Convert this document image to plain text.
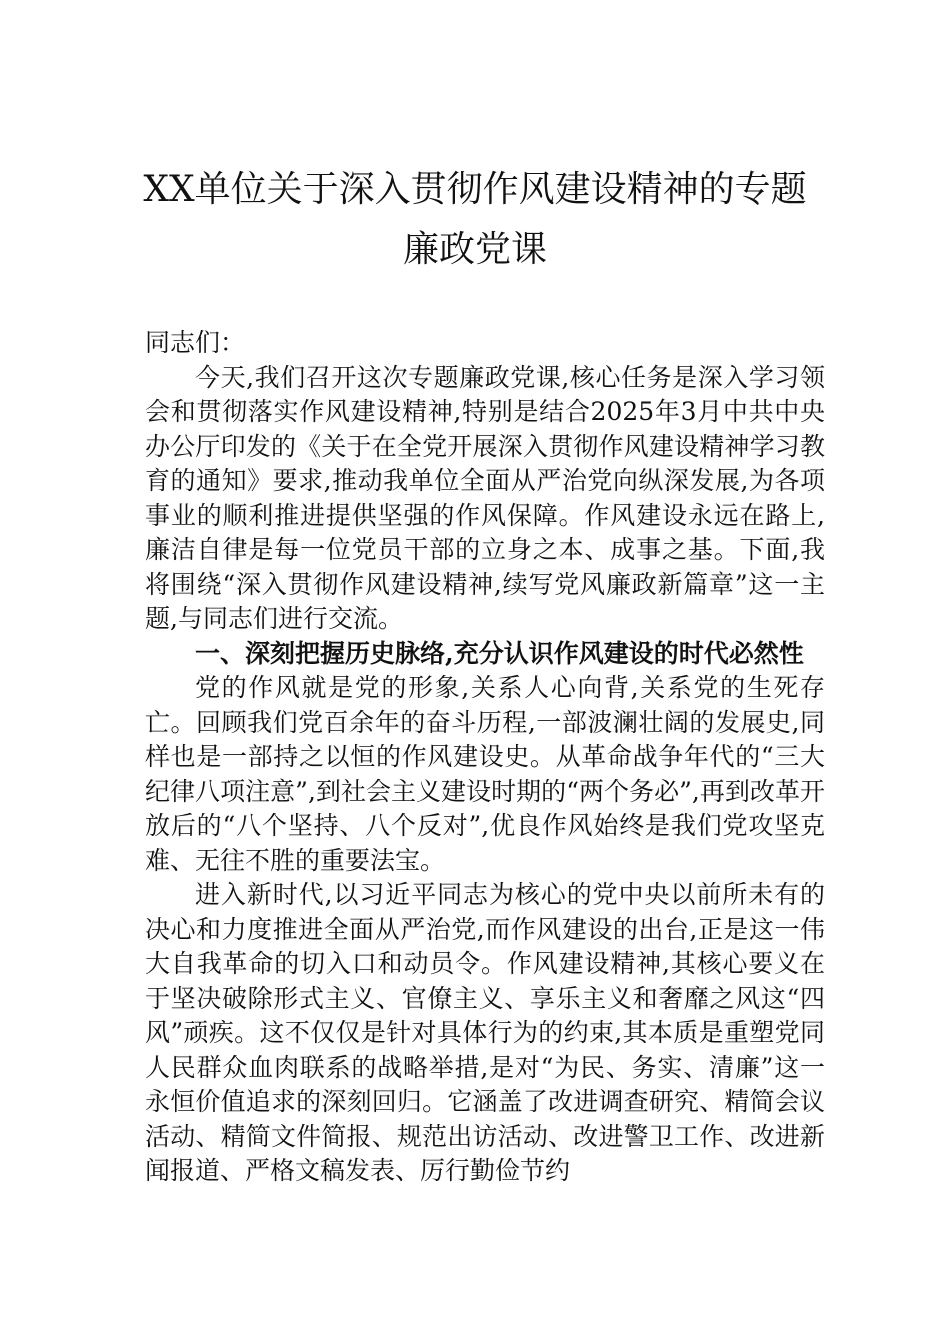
XX单位关于深入贯彻作风建设精神的专题
廉政党课

同志们：

今天,我们召开这次专题廉政党课,核心任务是深入学习领会和贯彻落实作风建设精神,特别是结合2025年3月中共中央办公厅印发的《关于在全党开展深入贯彻作风建设精神学习教育的通知》要求,推动我单位全面从严治党向纵深发展,为各项事业的顺利推进提供坚强的作风保障。作风建设永远在路上,廉洁自律是每一位党员干部的立身之本、成事之基。下面,我将围绕“深入贯彻作风建设精神,续写党风廉政新篇章”这一主题,与同志们进行交流。

一、深刻把握历史脉络,充分认识作风建设的时代必然性

党的作风就是党的形象,关系人心向背,关系党的生死存亡。回顾我们党百余年的奋斗历程,一部波澜壮阔的发展史,同样也是一部持之以恒的作风建设史。从革命战争年代的“三大纪律八项注意”,到社会主义建设时期的“两个务必”,再到改革开放后的“八个坚持、八个反对”,优良作风始终是我们党攻坚克难、无往不胜的重要法宝。

进入新时代,以习近平同志为核心的党中央以前所未有的决心和力度推进全面从严治党,而作风建设的出台,正是这一伟大自我革命的切入口和动员令。作风建设精神,其核心要义在于坚决破除形式主义、官僚主义、享乐主义和奢靡之风这“四风”顽疾。这不仅仅是针对具体行为的约束,其本质是重塑党同人民群众血肉联系的战略举措,是对“为民、务实、清廉”这一永恒价值追求的深刻回归。它涵盖了改进调查研究、精简会议活动、精简文件简报、规范出访活动、改进警卫工作、改进新闻报道、严格文稿发表、厉行勤俭节约
